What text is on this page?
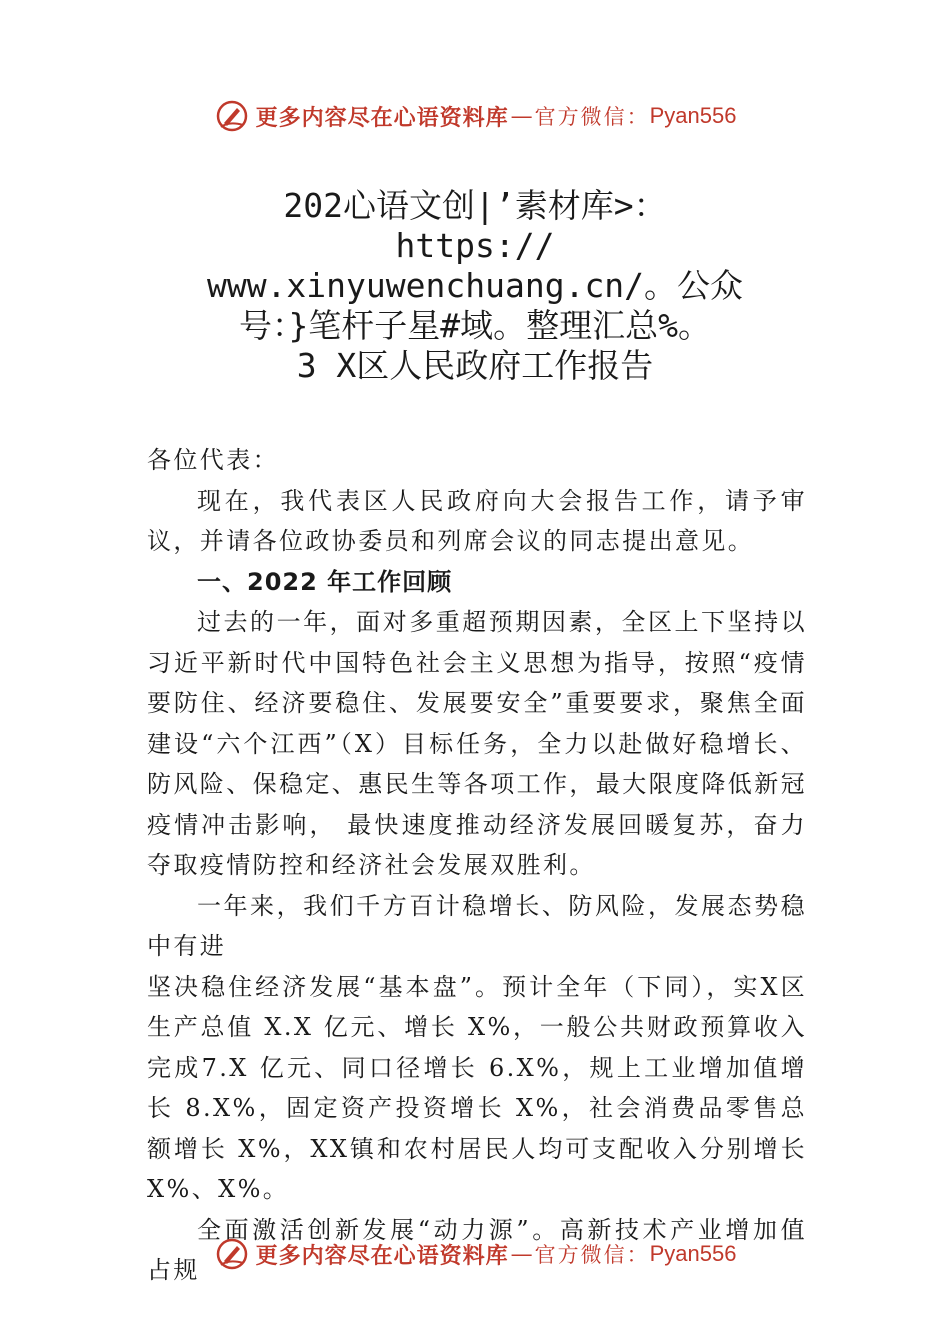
更多内容尽在心语资料库 — 官方微信： Pyan556
202心语文创|’素材库>：
https://
www.xinyuwenchuang.cn/。公众
号：}笔杆子星#域。整理汇总%。
3 X区人民政府工作报告

各位代表：

现在，我代表区人民政府向大会报告工作，请予审议，并请各位政协委员和列席会议的同志提出意见。

一、2022 年工作回顾

过去的一年，面对多重超预期因素，全区上下坚持以习近平新时代中国特色社会主义思想为指导，按照“疫情要防住、经济要稳住、发展要安全”重要要求，聚焦全面建设“六个江西”（X）目标任务，全力以赴做好稳增长、防风险、保稳定、惠民生等各项工作，最大限度降低新冠疫情冲击影响， 最快速度推动经济发展回暖复苏，奋力夺取疫情防控和经济社会发展双胜利。

一年来，我们千方百计稳增长、防风险，发展态势稳中有进

坚决稳住经济发展“基本盘”。预计全年（下同），实X区生产总值 X.X 亿元、增长 X%，一般公共财政预算收入完成7.X 亿元、同口径增长 6.X%，规上工业增加值增长 8.X%，固定资产投资增长 X%，社会消费品零售总额增长 X%，XX镇和农村居民人均可支配收入分别增长 X%、X%。

全面激活创新发展“动力源”。高新技术产业增加值占规

更多内容尽在心语资料库 — 官方微信： Pyan556
